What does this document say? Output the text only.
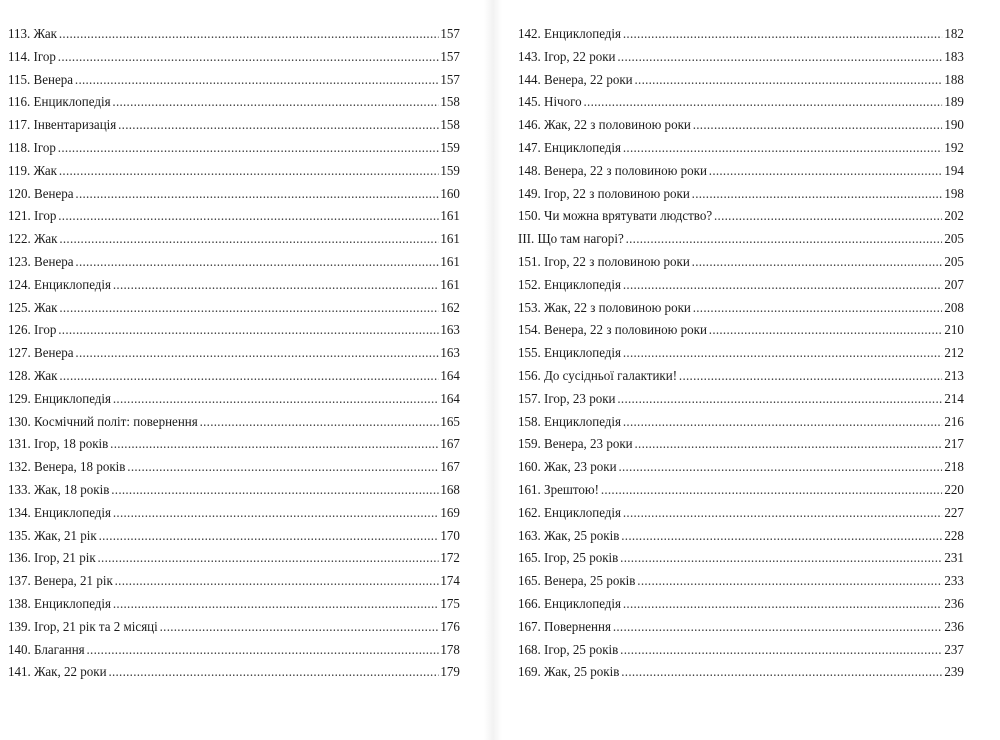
113. Жак . . .	157
114. Ігор . . .	157
115. Венера . . .	157
116. Енциклопедія . . .	158
117. Інвентаризація . . .	158
118. Ігор . . .	159
119. Жак . . .	159
120. Венера . . .	160
121. Ігор . . .	161
122. Жак . . .	161
123. Венера . . .	161
124. Енциклопедія . . .	161
125. Жак . . .	162
126. Ігор . . .	163
127. Венера . . .	163
128. Жак . . .	164
129. Енциклопедія . . .	164
130. Космічний політ: повернення . . .	165
131. Ігор, 18 років . . .	167
132. Венера, 18 років . . .	167
133. Жак, 18 років . . .	168
134. Енциклопедія . . .	169
135. Жак, 21 рік . . .	170
136. Ігор, 21 рік . . .	172
137. Венера, 21 рік . . .	174
138. Енциклопедія . . .	175
139. Ігор, 21 рік та 2 місяці . . .	176
140. Благання . . .	178
141. Жак, 22 роки . . .	179
142. Енциклопедія . . .	182
143. Ігор, 22 роки . . .	183
144. Венера, 22 роки . . .	188
145. Нічого . . .	189
146. Жак, 22 з половиною роки . . .	190
147. Енциклопедія . . .	192
148. Венера, 22 з половиною роки . . .	194
149. Ігор, 22 з половиною роки . . .	198
150. Чи можна врятувати людство? . . .	202
III. Що там нагорі? . . .	205
151. Ігор, 22 з половиною роки . . .	205
152. Енциклопедія . . .	207
153. Жак, 22 з половиною роки . . .	208
154. Венера, 22 з половиною роки . . .	210
155. Енциклопедія . . .	212
156. До сусідньої галактики! . . .	213
157. Ігор, 23 роки . . .	214
158. Енциклопедія . . .	216
159. Венера, 23 роки . . .	217
160. Жак, 23 роки . . .	218
161. Зрештою! . . .	220
162. Енциклопедія . . .	227
163. Жак, 25 років . . .	228
165. Ігор, 25 років . . .	231
165. Венера, 25 років . . .	233
166. Енциклопедія . . .	236
167. Повернення . . .	236
168. Ігор, 25 років . . .	237
169. Жак, 25 років . . .	239
